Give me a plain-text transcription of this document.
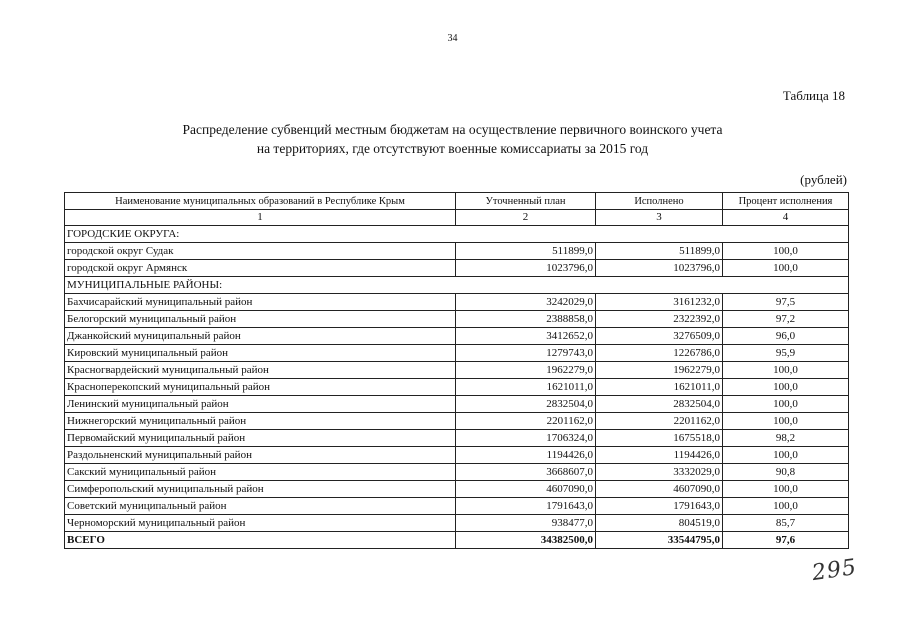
34
Таблица 18
Распределение субвенций местным бюджетам на осуществление первичного воинского учета
на территориях, где отсутствуют военные комиссариаты за 2015 год
(рублей)
Наименование муниципальных образований в Республике Крым	Уточненный план	Исполнено	Процент исполнения
1	2	3	4
ГОРОДСКИЕ ОКРУГА:			
городской округ Судак	511899,0	511899,0	100,0
городской округ Армянск	1023796,0	1023796,0	100,0
МУНИЦИПАЛЬНЫЕ РАЙОНЫ:			
Бахчисарайский муниципальный район	3242029,0	3161232,0	97,5
Белогорский муниципальный район	2388858,0	2322392,0	97,2
Джанкойский муниципальный район	3412652,0	3276509,0	96,0
Кировский муниципальный район	1279743,0	1226786,0	95,9
Красногвардейский муниципальный район	1962279,0	1962279,0	100,0
Красноперекопский муниципальный район	1621011,0	1621011,0	100,0
Ленинский муниципальный район	2832504,0	2832504,0	100,0
Нижнегорский муниципальный район	2201162,0	2201162,0	100,0
Первомайский муниципальный район	1706324,0	1675518,0	98,2
Раздольненский муниципальный район	1194426,0	1194426,0	100,0
Сакский муниципальный район	3668607,0	3332029,0	90,8
Симферопольский муниципальный район	4607090,0	4607090,0	100,0
Советский муниципальный район	1791643,0	1791643,0	100,0
Черноморский муниципальный район	938477,0	804519,0	85,7
ВСЕГО	34382500,0	33544795,0	97,6
295
